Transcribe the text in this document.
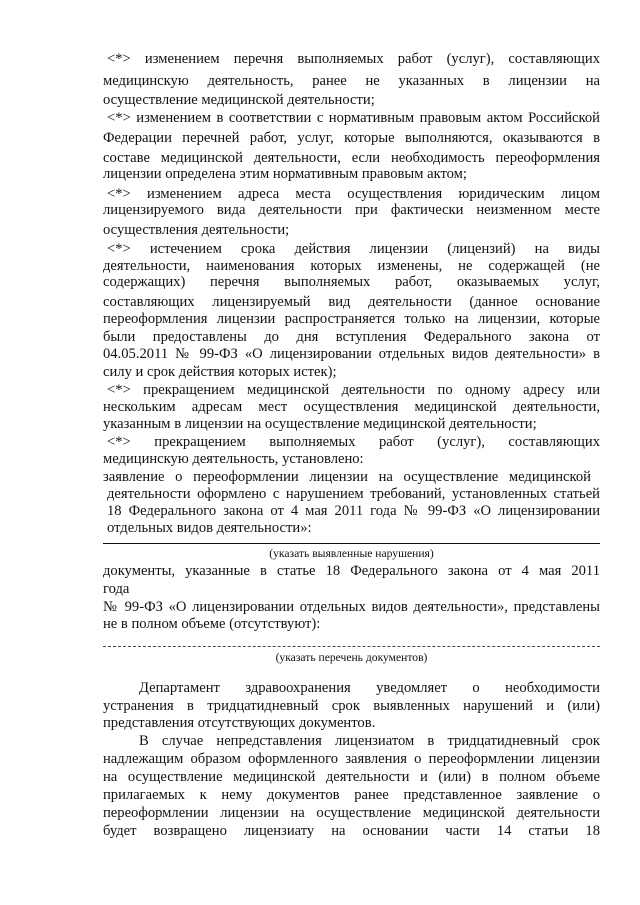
<*> изменением перечня выполняемых работ (услуг), составляющих
медицинскую деятельность, ранее не указанных в лицензии на
осуществление медицинской деятельности;
<*> изменением в соответствии с нормативным правовым актом Российской
Федерации перечней работ, услуг, которые выполняются, оказываются в
составе медицинской деятельности, если необходимость переоформления
лицензии определена этим нормативным правовым актом;
<*> изменением адреса места осуществления юридическим лицом
лицензируемого вида деятельности при фактически неизменном месте
осуществления деятельности;
<*> истечением срока действия лицензии (лицензий) на виды
деятельности, наименования которых изменены, не содержащей (не
содержащих) перечня выполняемых работ, оказываемых услуг,
составляющих лицензируемый вид деятельности (данное основание
переоформления лицензии распространяется только на лицензии, которые
были предоставлены до дня вступления Федерального закона от
04.05.2011 № 99-ФЗ «О лицензировании отдельных видов деятельности» в
силу и срок действия которых истек);
<*> прекращением медицинской деятельности по одному адресу или
нескольким адресам мест осуществления медицинской деятельности,
указанным в лицензии на осуществление медицинской деятельности;
<*> прекращением выполняемых работ (услуг), составляющих
медицинскую деятельность, установлено:
заявление о переоформлении лицензии на осуществление медицинской
деятельности оформлено с нарушением требований, установленных статьей
18 Федерального закона от 4 мая 2011 года № 99-ФЗ «О лицензировании
отдельных видов деятельности»:
(указать выявленные нарушения)
документы, указанные в статье 18 Федерального закона от 4 мая 2011
года
№ 99-ФЗ «О лицензировании отдельных видов деятельности», представлены
не в полном объеме (отсутствуют):
(указать перечень документов)
Департамент здравоохранения уведомляет о необходимости
устранения в тридцатидневный срок выявленных нарушений и (или)
представления отсутствующих документов.
В случае непредставления лицензиатом в тридцатидневный срок
надлежащим образом оформленного заявления о переоформлении лицензии
на осуществление медицинской деятельности и (или) в полном объеме
прилагаемых к нему документов ранее представленное заявление о
переоформлении лицензии на осуществление медицинской деятельности
будет возвращено лицензиату на основании части 14 статьи 18
